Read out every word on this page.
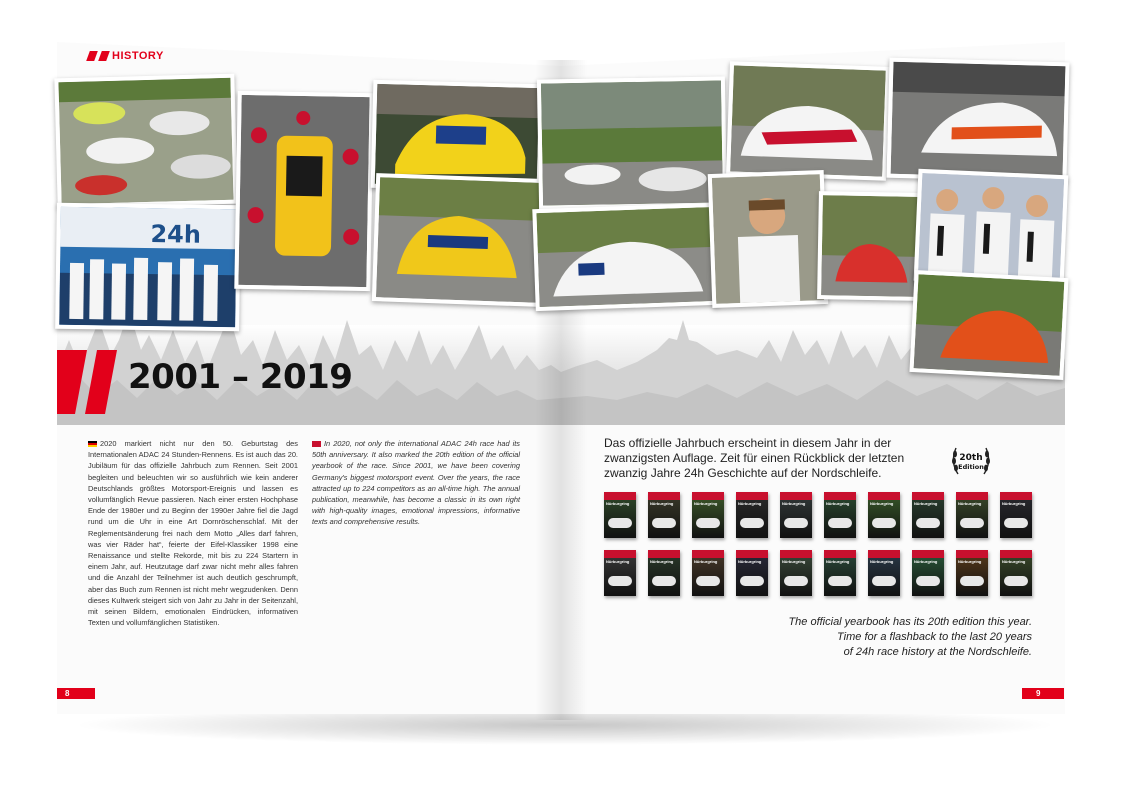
HISTORY
24h
2001 – 2019
2020 markiert nicht nur den 50. Geburtstag des Internationalen ADAC 24 Stunden-Rennens. Es ist auch das 20. Jubiläum für das offizielle Jahrbuch zum Rennen. Seit 2001 begleiten und beleuchten wir so ausführlich wie kein anderer Deutschlands größtes Motorsport-Ereignis und lassen es vollumfänglich Revue passieren. Nach einer ersten Hochphase Ende der 1980er und zu Beginn der 1990er Jahre fiel die Jagd rund um die Uhr in eine Art Dornröschenschlaf. Mit der Reglementsänderung frei nach dem Motto „Alles darf fahren, was vier Räder hat“, feierte der Eifel-Klassiker 1998 eine Renaissance und stellte Rekorde, mit bis zu 224 Startern in einem Jahr, auf. Heutzutage darf zwar nicht mehr alles fahren und die Anzahl der Teilnehmer ist auch deutlich geschrumpft, aber das Buch zum Rennen ist nicht mehr wegzudenken. Denn dieses Kultwerk steigert sich von Jahr zu Jahr in der Seitenzahl, mit seinen Bildern, emotionalen Eindrücken, informativen Texten und vollumfänglichen Statistiken.
In 2020, not only the international ADAC 24h race had its 50th anniversary. It also marked the 20th edition of the official yearbook of the race. Since 2001, we have been covering Germany's biggest motorsport event. Over the years, the race attracted up to 224 competitors as an all-time high. The annual publication, meanwhile, has become a classic in its own right with high-quality images, emotional impressions, informative texts and comprehensive results.
Das offizielle Jahrbuch erscheint in diesem Jahr in der zwanzigsten Auflage. Zeit für einen Rückblick der letzten zwanzig Jahre 24h Geschichte auf der Nordschleife.
20th
Edition
Nürburgring	Nürburgring	Nürburgring	Nürburgring	Nürburgring	Nürburgring	Nürburgring	Nürburgring	Nürburgring	Nürburgring
Nürburgring	Nürburgring	Nürburgring	Nürburgring	Nürburgring	Nürburgring	Nürburgring	Nürburgring	Nürburgring	Nürburgring
The official yearbook has its 20th edition this year.
Time for a flashback to the last 20 years
of 24h race history at the Nordschleife.
8	9
